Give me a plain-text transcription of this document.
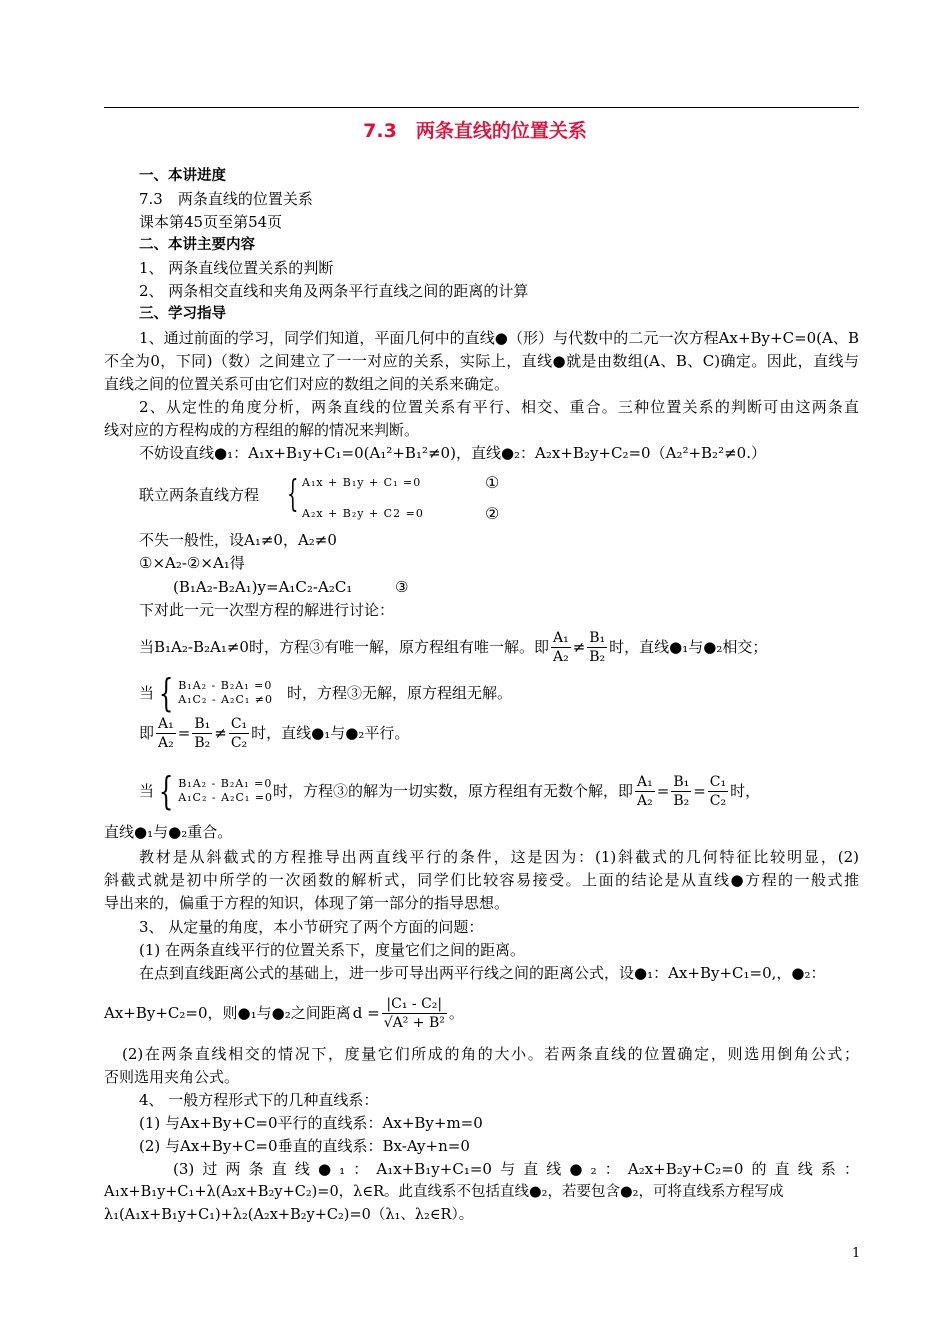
7.3　两条直线的位置关系
一、本讲进度
7.3　两条直线的位置关系
课本第45页至第54页
二、本讲主要内容
1、 两条直线位置关系的判断
2、 两条相交直线和夹角及两条平行直线之间的距离的计算
三、学习指导
1、通过前面的学习，同学们知道，平面几何中的直线●（形）与代数中的二元一次方程Ax+By+C=0(A、B
不全为0，下同)（数）之间建立了一一对应的关系，实际上，直线●就是由数组(A、B、C)确定。因此，直线与
直线之间的位置关系可由它们对应的数组之间的关系来确定。
2、从定性的角度分析，两条直线的位置关系有平行、相交、重合。三种位置关系的判断可由这两条直
线对应的方程构成的方程组的解的情况来判断。
不妨设直线●₁：A₁x+B₁y+C₁=0(A₁²+B₁²≠0)，直线●₂：A₂x+B₂y+C₂=0（A₂²+B₂²≠0.）
联立两条直线方程 { A₁x + B₁y + C₁ =0
A₂x + B₂y + C2 =0
①
②
不失一般性，设A₁≠0，A₂≠0
①×A₂-②×A₁得
(B₁A₂-B₂A₁)y=A₁C₂-A₂C₁	③
下对此一元一次型方程的解进行讨论：
当B₁A₂-B₂A₁≠0时，方程③有唯一解，原方程组有唯一解。即 $\frac{\text{A₁}}{\text{A₂}} \ne \frac{\text{B₁}}{\text{B₂}}$ 时，直线●₁与●₂相交；
当 { B₁A₂ - B₂A₁ =0
A₁C₂ - A₂C₁ ≠0 时，方程③无解，原方程组无解。
即 $\frac{\text{A₁}}{\text{A₂}} = \frac{\text{B₁}}{\text{B₂}} \ne \frac{\text{C₁}}{\text{C₂}}$ 时，直线●₁与●₂平行。
当 { B₁A₂ - B₂A₁ =0
A₁C₂ - A₂C₁ =0 时，方程③的解为一切实数，原方程组有无数个解，即 $\frac{\text{A₁}}{\text{A₂}} = \frac{\text{B₁}}{\text{B₂}} = \frac{\text{C₁}}{\text{C₂}}$ 时，
直线●₁与●₂重合。
教材是从斜截式的方程推导出两直线平行的条件，这是因为：(1)斜截式的几何特征比较明显，(2)
斜截式就是初中所学的一次函数的解析式，同学们比较容易接受。上面的结论是从直线●方程的一般式推
导出来的，偏重于方程的知识，体现了第一部分的指导思想。
3、 从定量的角度，本小节研究了两个方面的问题：
(1) 在两条直线平行的位置关系下，度量它们之间的距离。
在点到直线距离公式的基础上，进一步可导出两平行线之间的距离公式，设●₁：Ax+By+C₁=0,，●₂：
Ax+By+C₂=0，则●₁与●₂之间距离 $d = \frac{\text{|C₁ - C₂|}}{\text{√A² + B²}}$ 。
(2)在两条直线相交的情况下，度量它们所成的角的大小。若两条直线的位置确定，则选用倒角公式；
否则选用夹角公式。
4、 一般方程形式下的几种直线系：
(1) 与Ax+By+C=0平行的直线系：Ax+By+m=0
(2) 与Ax+By+C=0垂直的直线系：Bx-Ay+n=0
(3)过两条直线●₁：A₁x+B₁y+C₁=0与直线●₂：A₂x+B₂y+C₂=0的直线系：
A₁x+B₁y+C₁+λ(A₂x+B₂y+C₂)=0，λ∈R。此直线系不包括直线●₂，若要包含●₂，可将直线系方程写成
λ₁(A₁x+B₁y+C₁)+λ₂(A₂x+B₂y+C₂)=0（λ₁、λ₂∈R）。
1
